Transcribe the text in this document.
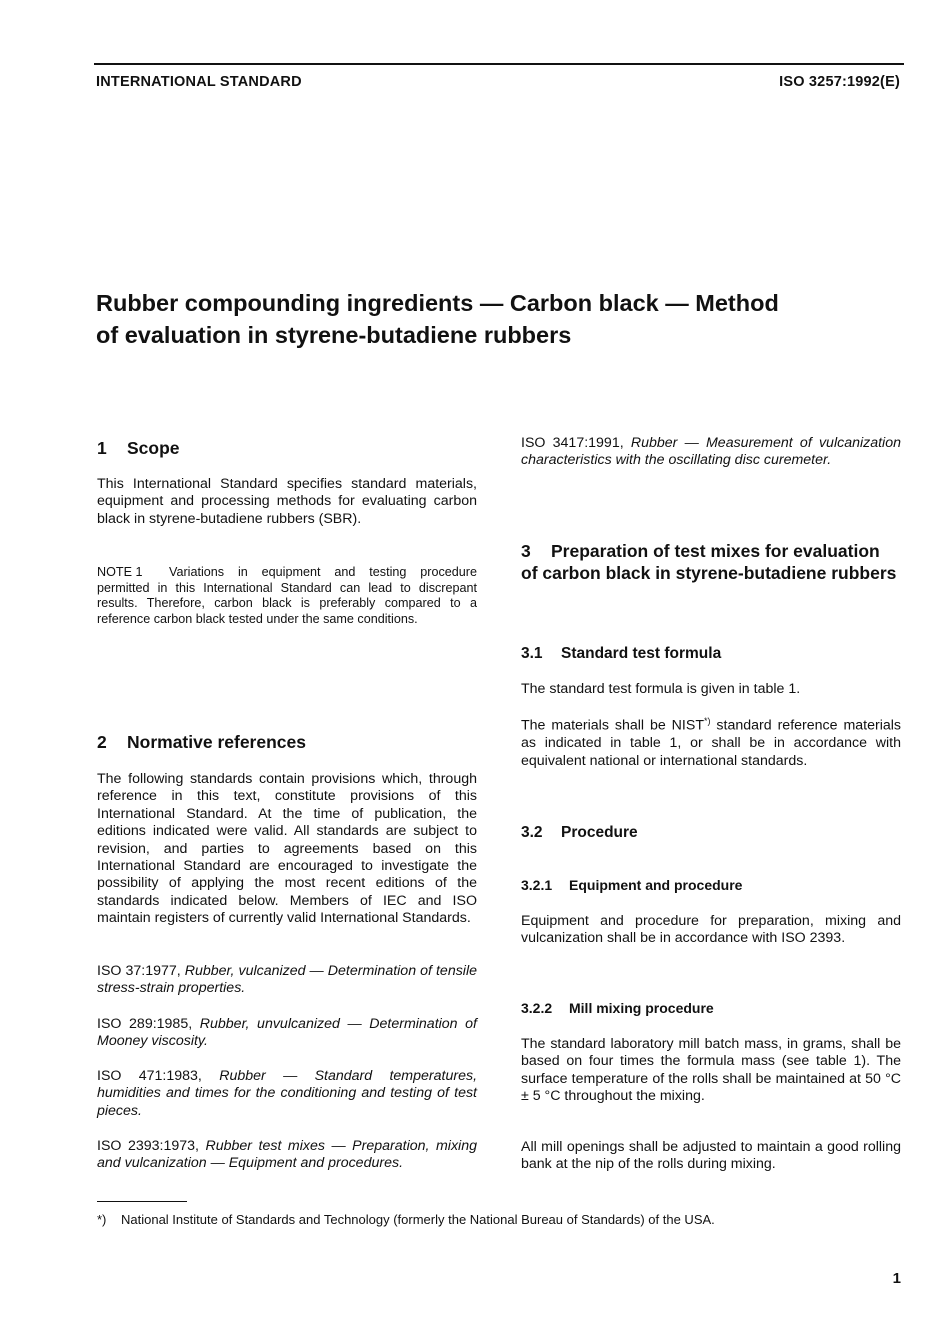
INTERNATIONAL STANDARD	ISO 3257:1992(E)
Rubber compounding ingredients — Carbon black — Method
of evaluation in styrene-butadiene rubbers

1 Scope

This International Standard specifies standard materials, equipment and processing methods for evaluating carbon black in styrene-butadiene rubbers (SBR).

NOTE 1 Variations in equipment and testing procedure permitted in this International Standard can lead to discrepant results. Therefore, carbon black is preferably compared to a reference carbon black tested under the same conditions.

2 Normative references

The following standards contain provisions which, through reference in this text, constitute provisions of this International Standard. At the time of publication, the editions indicated were valid. All standards are subject to revision, and parties to agreements based on this International Standard are encouraged to investigate the possibility of applying the most recent editions of the standards indicated below. Members of IEC and ISO maintain registers of currently valid International Standards.

ISO 37:1977, Rubber, vulcanized — Determination of tensile stress-strain properties.

ISO 289:1985, Rubber, unvulcanized — Determination of Mooney viscosity.

ISO 471:1983, Rubber — Standard temperatures, humidities and times for the conditioning and testing of test pieces.

ISO 2393:1973, Rubber test mixes — Preparation, mixing and vulcanization — Equipment and procedures.

ISO 3417:1991, Rubber — Measurement of vulcanization characteristics with the oscillating disc curemeter.

3 Preparation of test mixes for evaluation of carbon black in styrene-butadiene rubbers

3.1 Standard test formula

The standard test formula is given in table 1.

The materials shall be NIST*) standard reference materials as indicated in table 1, or shall be in accordance with equivalent national or international standards.

3.2 Procedure

3.2.1 Equipment and procedure

Equipment and procedure for preparation, mixing and vulcanization shall be in accordance with ISO 2393.

3.2.2 Mill mixing procedure

The standard laboratory mill batch mass, in grams, shall be based on four times the formula mass (see table 1). The surface temperature of the rolls shall be maintained at 50 °C ± 5 °C throughout the mixing.

All mill openings shall be adjusted to maintain a good rolling bank at the nip of the rolls during mixing.

*) National Institute of Standards and Technology (formerly the National Bureau of Standards) of the USA.
1
